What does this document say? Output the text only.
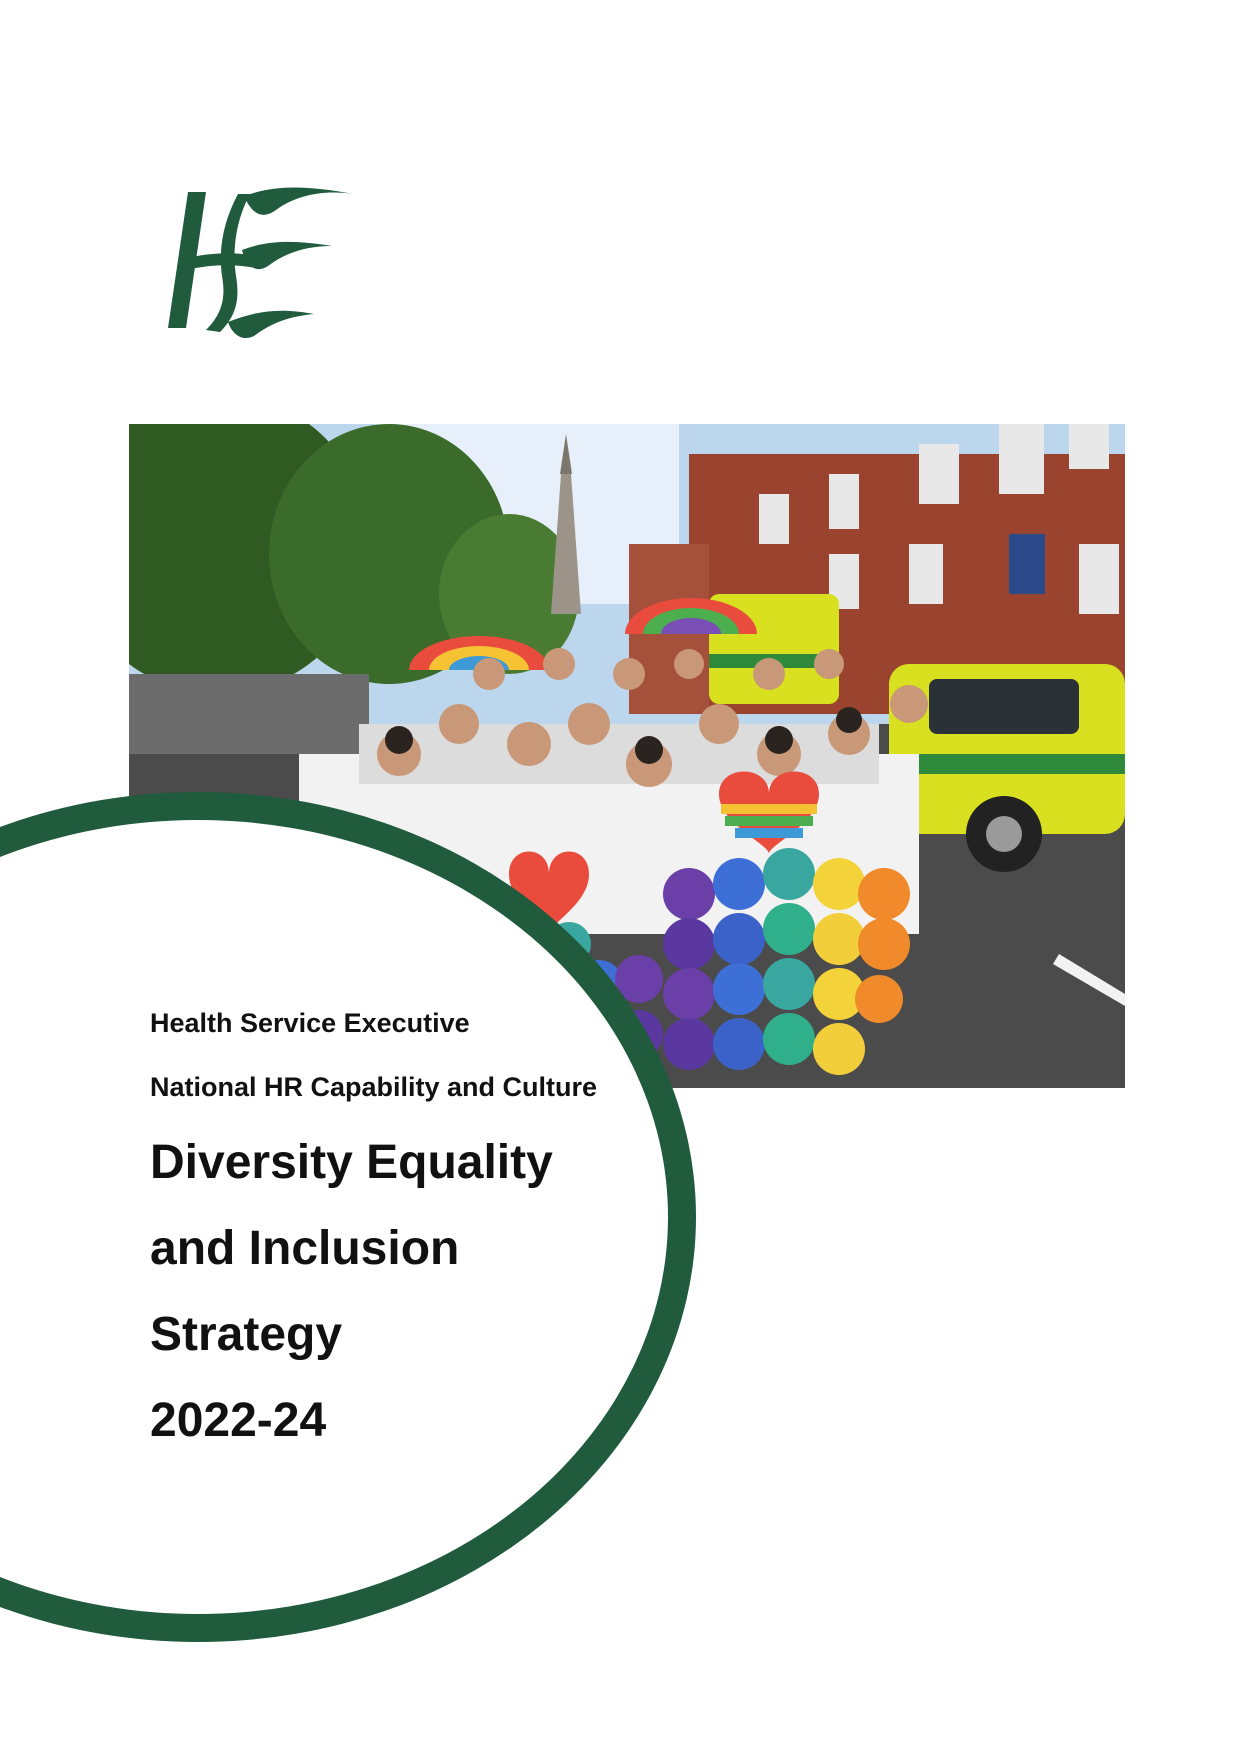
Health Service Executive
National HR Capability and Culture
Diversity Equality
and Inclusion
Strategy
2022-24
